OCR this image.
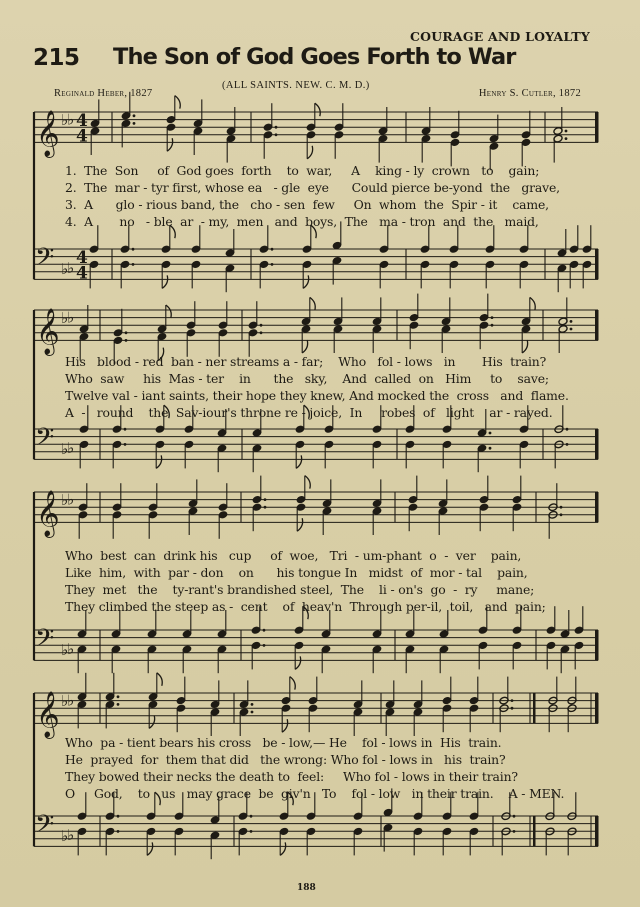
COURAGE AND LOYALTY
215 The Son of God Goes Forth to War
(ALL SAINTS. NEW. C. M. D.)
Reginald Heber, 1827	Henry S. Cutler, 1872
𝄞
𝄢
♭
♭
♭
♭
4
4
4
4
𝄞
𝄢
♭
♭
♭
♭
𝄞
𝄢
♭
♭
♭
♭
𝄞
𝄢
♭
♭
♭
♭
1.  The  Son     of  God goes  forth    to  war,     A    king - ly  crown   to    gain;
2.  The  mar - tyr first, whose ea   - gle  eye      Could pierce be-yond  the   grave,
3.  A      glo - rious band, the   cho - sen  few     On  whom  the  Spir - it    came,
4.  A       no   - ble  ar  - my,  men   and  boys,  The   ma - tron  and  the   maid,
His   blood - red  ban - ner streams a - far;    Who   fol - lows   in       His  train?
Who  saw     his  Mas - ter    in      the   sky,    And  called  on   Him     to    save;
Twelve val - iant saints, their hope they knew, And mocked the  cross   and  flame.
A  -   round    the  Sav-iour's throne re - joice,  In     robes  of   light    ar - rayed.
Who  best  can  drink his   cup     of  woe,   Tri  - um-phant  o  -  ver    pain,
Like  him,  with  par - don    on      his tongue In   midst  of  mor - tal    pain,
They  met   the    ty-rant's brandished steel,  The    li - on's  go  -  ry     mane;
They climbed the steep as -  cent    of  heav'n  Through per-il,  toil,   and  pain;
Who  pa - tient bears his cross   be - low,— He    fol - lows in  His  train.
He  prayed  for  them that did   the wrong: Who fol - lows in   his  train?
They bowed their necks the death to  feel:     Who fol - lows in their train?
O     God,    to   us   may grace  be  giv'n   To    fol - low   in their train.    A - MEN.
188
